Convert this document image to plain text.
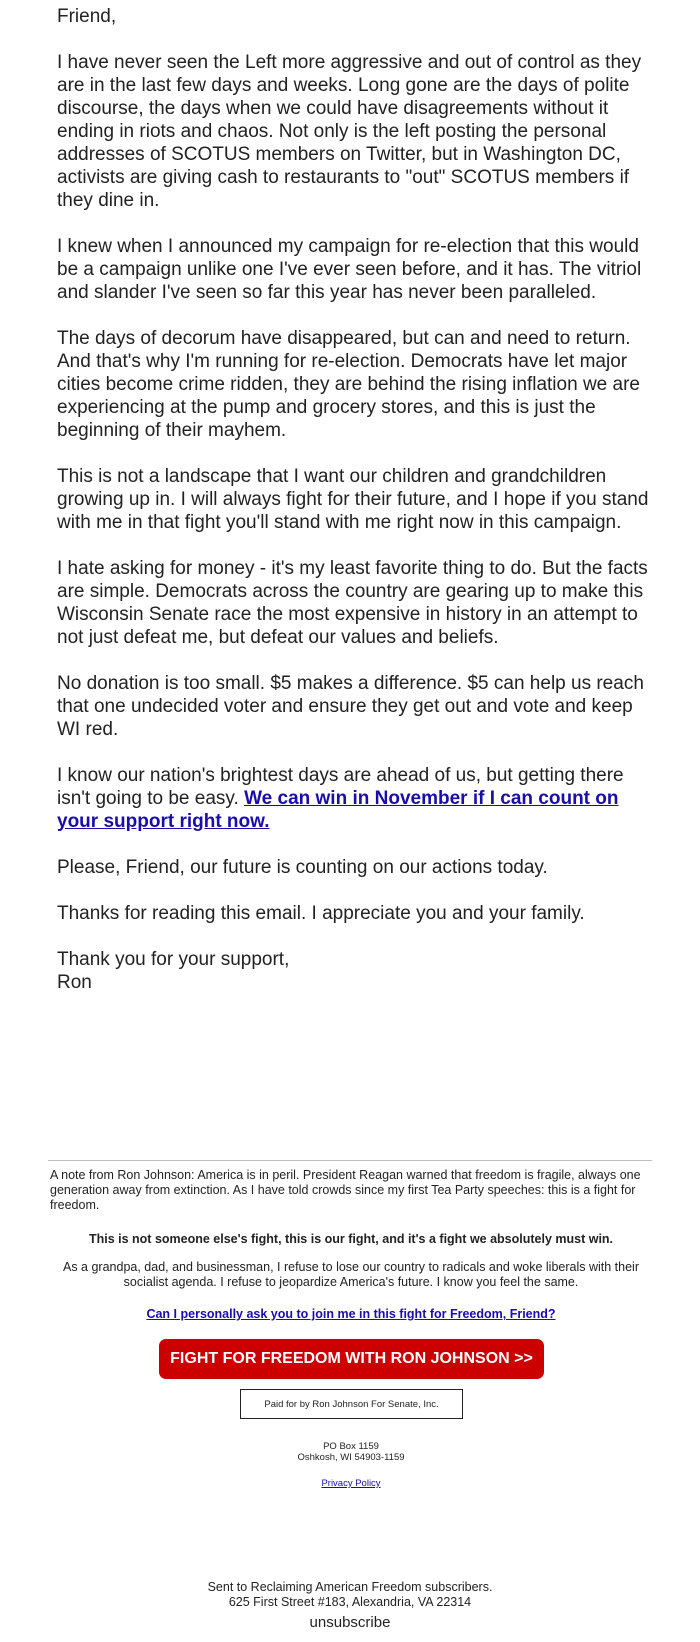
Friend,

I have never seen the Left more aggressive and out of control as they are in the last few days and weeks. Long gone are the days of polite discourse, the days when we could have disagreements without it ending in riots and chaos. Not only is the left posting the personal addresses of SCOTUS members on Twitter, but in Washington DC, activists are giving cash to restaurants to "out" SCOTUS members if they dine in.

I knew when I announced my campaign for re-election that this would be a campaign unlike one I've ever seen before, and it has. The vitriol and slander I've seen so far this year has never been paralleled.

The days of decorum have disappeared, but can and need to return. And that's why I'm running for re-election. Democrats have let major cities become crime ridden, they are behind the rising inflation we are experiencing at the pump and grocery stores, and this is just the beginning of their mayhem.

This is not a landscape that I want our children and grandchildren growing up in. I will always fight for their future, and I hope if you stand with me in that fight you'll stand with me right now in this campaign.

I hate asking for money - it's my least favorite thing to do. But the facts are simple. Democrats across the country are gearing up to make this Wisconsin Senate race the most expensive in history in an attempt to not just defeat me, but defeat our values and beliefs.

No donation is too small. $5 makes a difference. $5 can help us reach that one undecided voter and ensure they get out and vote and keep WI red.

I know our nation's brightest days are ahead of us, but getting there isn't going to be easy. We can win in November if I can count on your support right now.

Please, Friend, our future is counting on our actions today.

Thanks for reading this email. I appreciate you and your family.

Thank you for your support,

Ron

A note from Ron Johnson: America is in peril. President Reagan warned that freedom is fragile, always one generation away from extinction. As I have told crowds since my first Tea Party speeches: this is a fight for freedom.
This is not someone else's fight, this is our fight, and it's a fight we absolutely must win.
As a grandpa, dad, and businessman, I refuse to lose our country to radicals and woke liberals with their socialist agenda. I refuse to jeopardize America's future. I know you feel the same.
Can I personally ask you to join me in this fight for Freedom, Friend?
FIGHT FOR FREEDOM WITH RON JOHNSON >>
Paid for by Ron Johnson For Senate, Inc.
PO Box 1159
Oshkosh, WI 54903-1159
Privacy Policy
Sent to Reclaiming American Freedom subscribers.
625 First Street #183, Alexandria, VA 22314
unsubscribe
